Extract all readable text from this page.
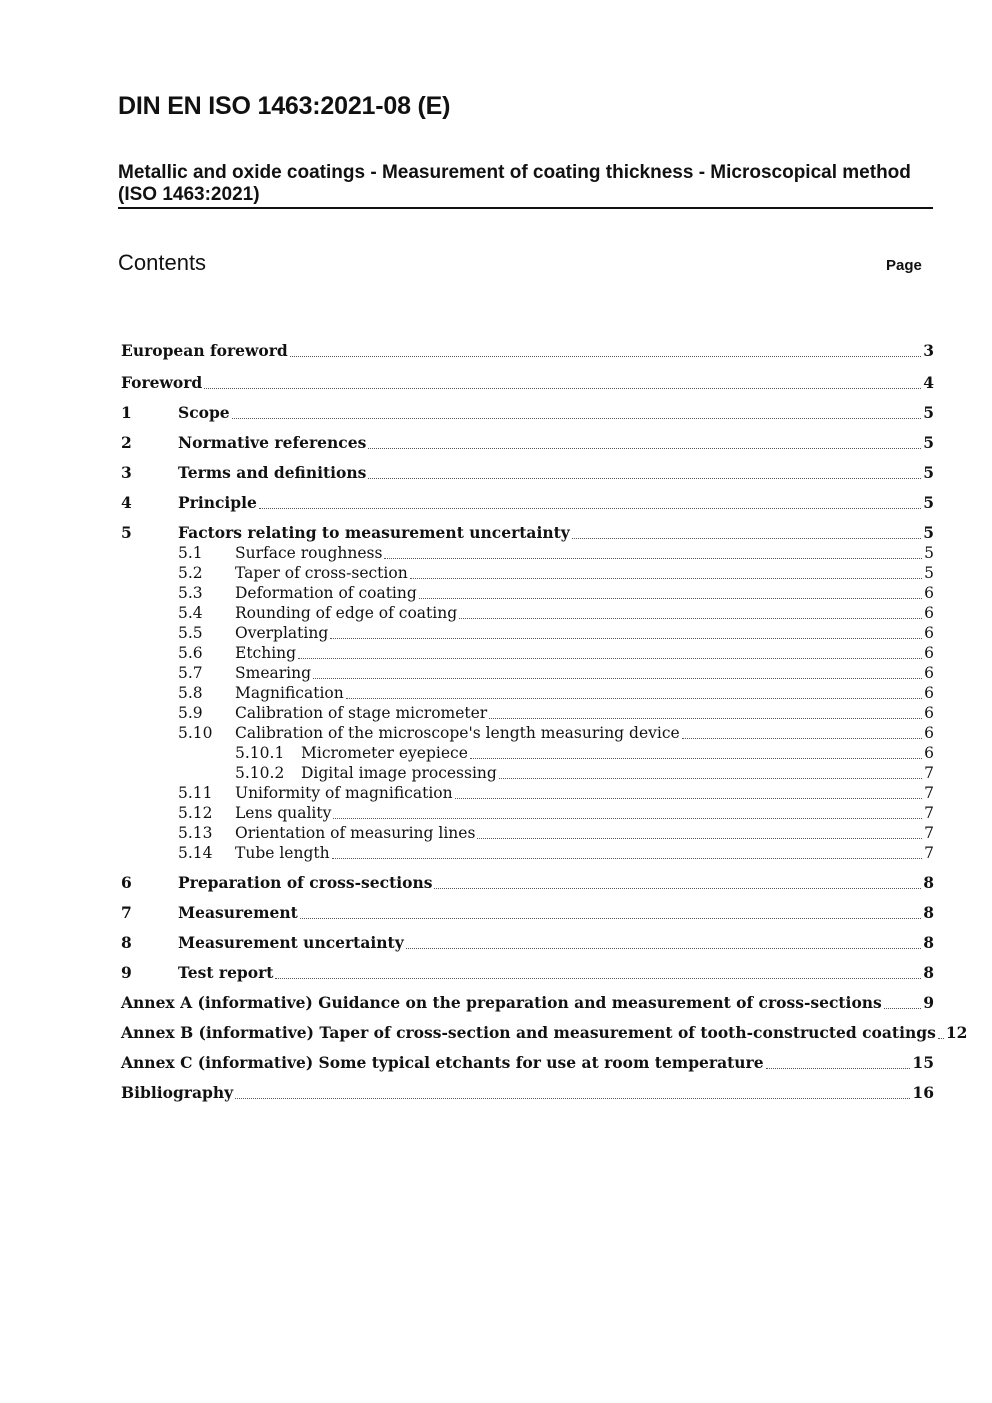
DIN EN ISO 1463:2021-08 (E)
Metallic and oxide coatings - Measurement of coating thickness - Microscopical method (ISO 1463:2021)
Contents	Page
European foreword	3
Foreword	4
1	Scope	5
2	Normative references	5
3	Terms and definitions	5
4	Principle	5
5	Factors relating to measurement uncertainty	5
5.1	Surface roughness	5
5.2	Taper of cross-section	5
5.3	Deformation of coating	6
5.4	Rounding of edge of coating	6
5.5	Overplating	6
5.6	Etching	6
5.7	Smearing	6
5.8	Magnification	6
5.9	Calibration of stage micrometer	6
5.10	Calibration of the microscope's length measuring device	6
5.10.1	Micrometer eyepiece	6
5.10.2	Digital image processing	7
5.11	Uniformity of magnification	7
5.12	Lens quality	7
5.13	Orientation of measuring lines	7
5.14	Tube length	7
6	Preparation of cross-sections	8
7	Measurement	8
8	Measurement uncertainty	8
9	Test report	8
Annex A (informative) Guidance on the preparation and measurement of cross-sections	9
Annex B (informative) Taper of cross-section and measurement of tooth-constructed coatings 12
Annex C (informative) Some typical etchants for use at room temperature	15
Bibliography	16
